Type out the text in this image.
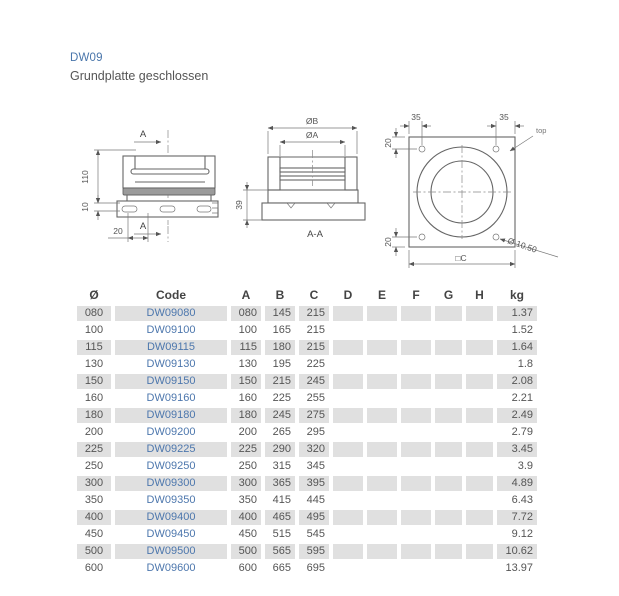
DW09
Grundplatte geschlossen
A
110
10
20 A
ØB
ØA
39
A-A
35	35
20
20
top
Ø 10.50
□C
Ø	Code	A	B	C	D	E	F	G	H	kg
080	DW09080	080	145	215						1.37
100	DW09100	100	165	215						1.52
115	DW09115	115	180	215						1.64
130	DW09130	130	195	225						1.8
150	DW09150	150	215	245						2.08
160	DW09160	160	225	255						2.21
180	DW09180	180	245	275						2.49
200	DW09200	200	265	295						2.79
225	DW09225	225	290	320						3.45
250	DW09250	250	315	345						3.9
300	DW09300	300	365	395						4.89
350	DW09350	350	415	445						6.43
400	DW09400	400	465	495						7.72
450	DW09450	450	515	545						9.12
500	DW09500	500	565	595						10.62
600	DW09600	600	665	695						13.97
